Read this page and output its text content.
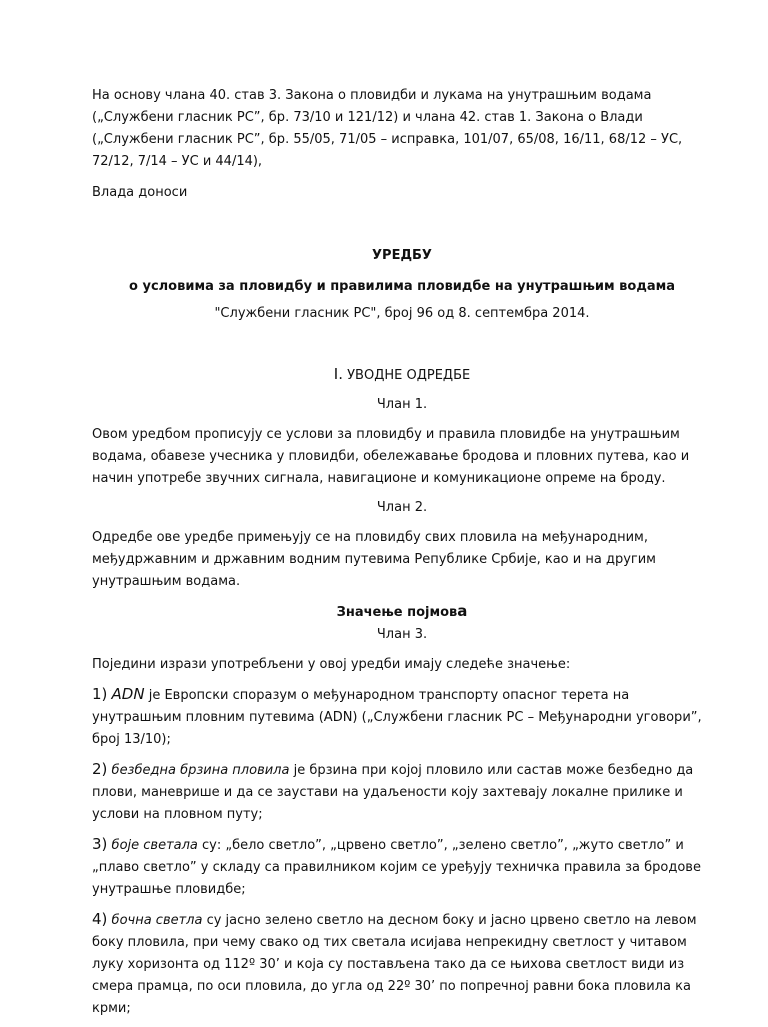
На основу члана 40. став 3. Закона о пловидби и лукама на унутрашњим водама („Службени гласник РС”, бр. 73/10 и 121/12) и члана 42. став 1. Закона о Влади („Службени гласник РС”, бр. 55/05, 71/05 – исправка, 101/07, 65/08, 16/11, 68/12 – УС, 72/12, 7/14 – УС и 44/14),

Влада доноси

УРЕДБУ

о условима за пловидбу и правилима пловидбе на унутрашњим водама

"Службени гласник РС", број 96 од 8. септембра 2014.

I. УВОДНЕ ОДРЕДБЕ

Члан 1.

Овом уредбом прописују се услови за пловидбу и правила пловидбе на унутрашњим водама, обавезе учесника у пловидби, обележавање бродова и пловних путева, као и начин употребе звучних сигнала, навигационе и комуникационе опреме на броду.

Члан 2.

Одредбе ове уредбе примењују се на пловидбу свих пловила на међународним, међудржавним и државним водним путевима Републике Србије, као и на другим унутрашњим водама.

Значење појмова

Члан 3.

Поједини изрази употребљени у овој уредби имају следеће значење:

1) ADN је Европски споразум о међународном транспорту опасног терета на унутрашњим пловним путевима (ADN) („Службени гласник РС – Међународни уговори”, број 13/10);

2) безбедна брзина пловила је брзина при којој пловило или састав може безбедно да плови, маневрише и да се заустави на удаљености коју захтевају локалне прилике и услови на пловном путу;

3) боје светала су: „бело светло”, „црвено светло”, „зелено светло”, „жуто светло” и „плаво светло” у складу са правилником којим се уређују техничка правила за бродове унутрашње пловидбе;

4) бочна светла су јасно зелено светло на десном боку и јасно црвено светло на левом боку пловила, при чему свако од тих светала исијава непрекидну светлост у читавом луку хоризонта од 112º 30’ и која су постављена тако да се њихова светлост види из смера прамца, по оси пловила, до угла од 22º 30’ по попречној равни бока пловила ка крми;
